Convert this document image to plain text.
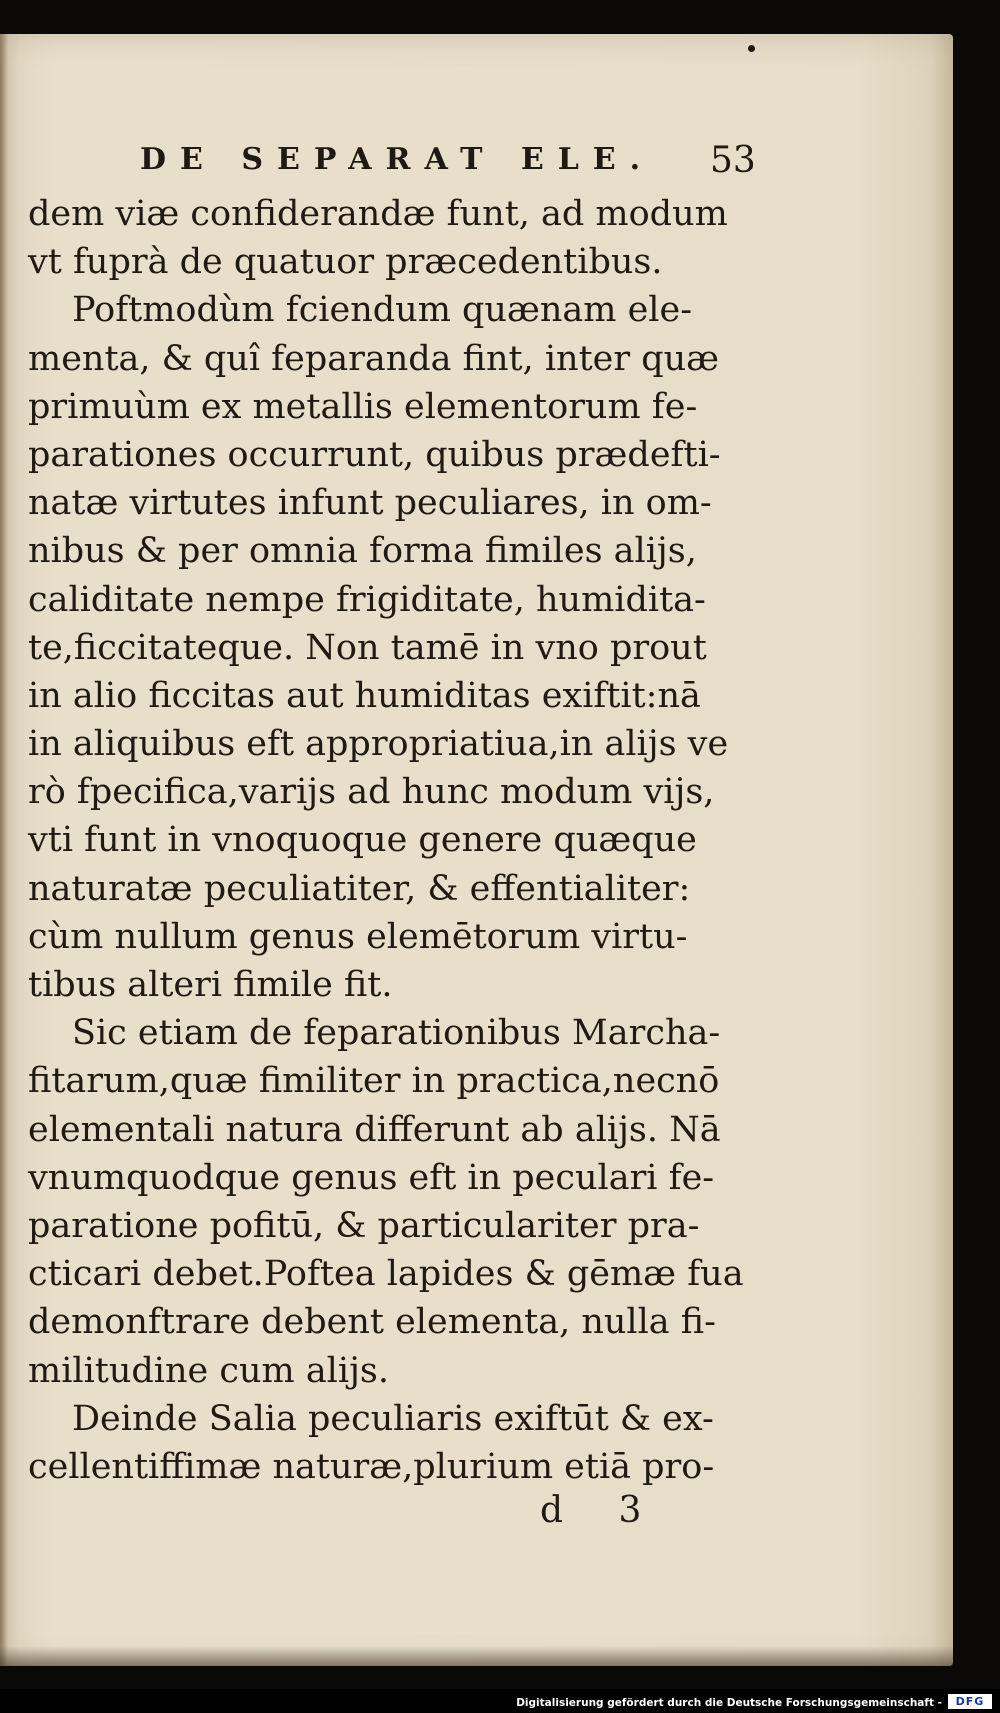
DE SEPARAT ELE. 53
dem viæ confiderandæ funt, ad modum
vt fuprà de quatuor præcedentibus.
Poftmodùm fciendum quænam ele-
menta, & quî feparanda fint, inter quæ
primuùm ex metallis elementorum fe-
parationes occurrunt, quibus prædefti-
natæ virtutes infunt peculiares, in om-
nibus & per omnia forma fimiles alijs,
caliditate nempe frigiditate, humidita-
te,ficcitateque. Non tamē in vno prout
in alio ficcitas aut humiditas exiftit:nā
in aliquibus eft appropriatiua,in alijs ve
rò fpecifica,varijs ad hunc modum vijs,
vti funt in vnoquoque genere quæque
naturatæ peculiatiter, & effentialiter:
cùm nullum genus elemētorum virtu-
tibus alteri fimile fit.
Sic etiam de feparationibus Marcha-
fitarum,quæ fimiliter in practica,necnō
elementali natura differunt ab alijs. Nā
vnumquodque genus eft in peculari fe-
paratione pofitū, & particulariter pra-
cticari debet.Poftea lapides & gēmæ fua
demonftrare debent elementa, nulla fi-
militudine cum alijs.
Deinde Salia peculiaris exiftūt & ex-
cellentiffimæ naturæ,plurium etiā pro-
d 3
Digitalisierung gefördert durch die Deutsche Forschungsgemeinschaft -	DFG
